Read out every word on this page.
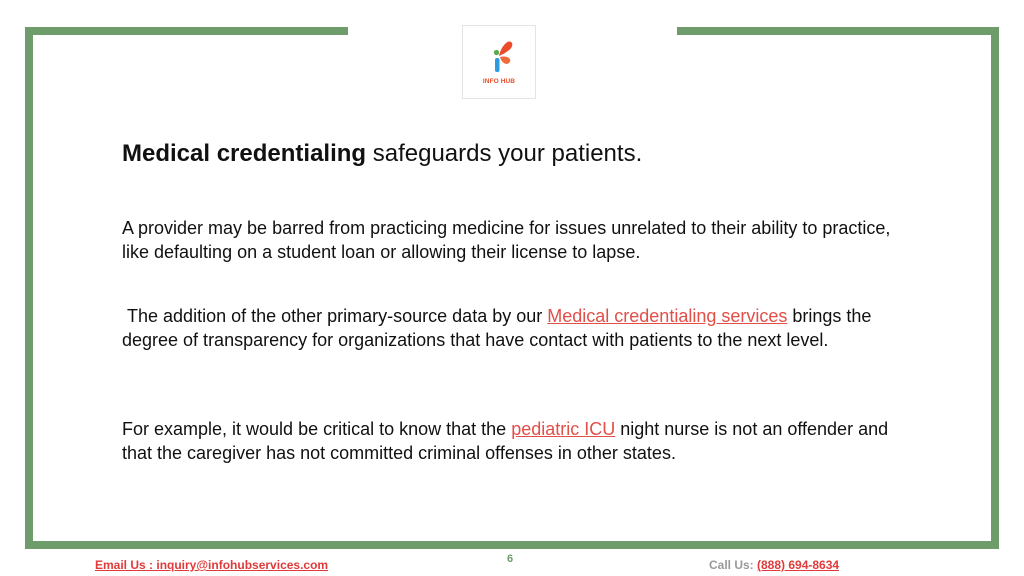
INFO HUB
Medical credentialing safeguards your patients.
A provider may be barred from practicing medicine for issues unrelated to their ability to practice, like defaulting on a student loan or allowing their license to lapse.
The addition of the other primary-source data by our Medical credentialing services brings the degree of transparency for organizations that have contact with patients to the next level.
For example, it would be critical to know that the pediatric ICU night nurse is not an offender and that the caregiver has not committed criminal offenses in other states.
Email Us : inquiry@infohubservices.com	6	Call Us: (888) 694-8634
